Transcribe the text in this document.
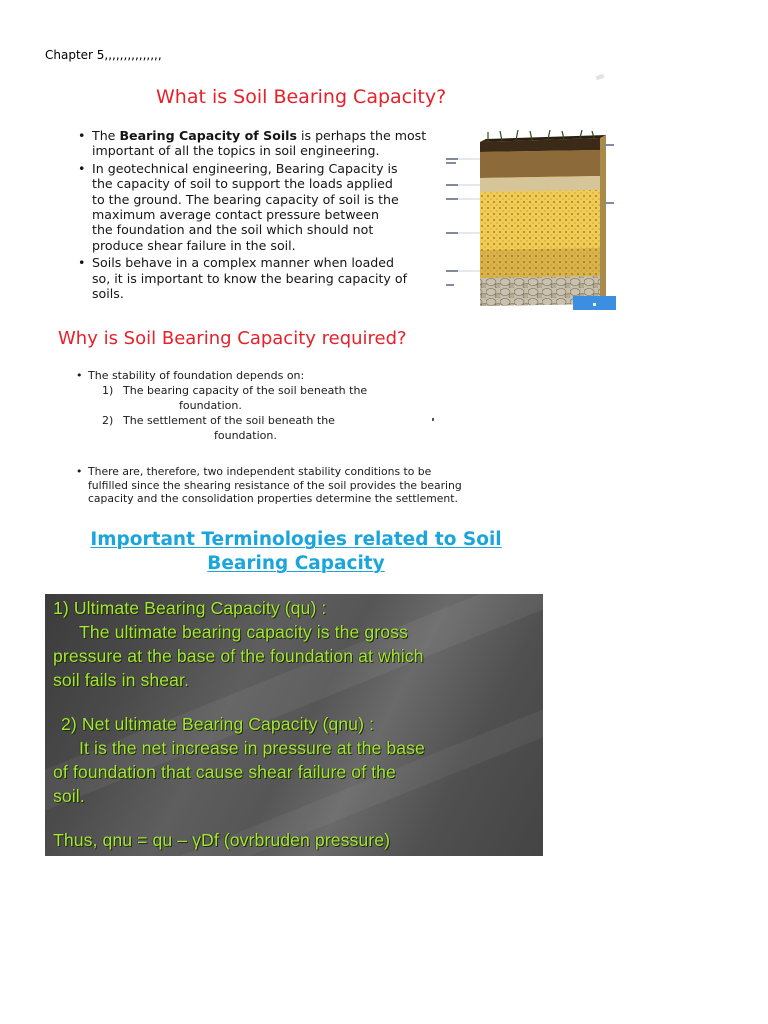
Chapter 5,,,,,,,,,,,,,,,
What is Soil Bearing Capacity?
• The Bearing Capacity of Soils is perhaps the most
important of all the topics in soil engineering.
• In geotechnical engineering, Bearing Capacity is
the capacity of soil to support the loads applied
to the ground. The bearing capacity of soil is the
maximum average contact pressure between
the foundation and the soil which should not
produce shear failure in the soil.
• Soils behave in a complex manner when loaded
so, it is important to know the bearing capacity of
soils.
Why is Soil Bearing Capacity required?
• The stability of foundation depends on:
1) The bearing capacity of the soil beneath the
foundation.
2) The settlement of the soil beneath the
foundation.
• There are, therefore, two independent stability conditions to be
fulfilled since the shearing resistance of the soil provides the bearing
capacity and the consolidation properties determine the settlement.
Important Terminologies related to Soil
Bearing Capacity
1) Ultimate Bearing Capacity (qu) :
The ultimate bearing capacity is the gross
pressure at the base of the foundation at which
soil fails in shear.
2) Net ultimate Bearing Capacity (qnu) :
It is the net increase in pressure at the base
of foundation that cause shear failure of the
soil.
Thus, qnu = qu – γDf (ovrbruden pressure)
